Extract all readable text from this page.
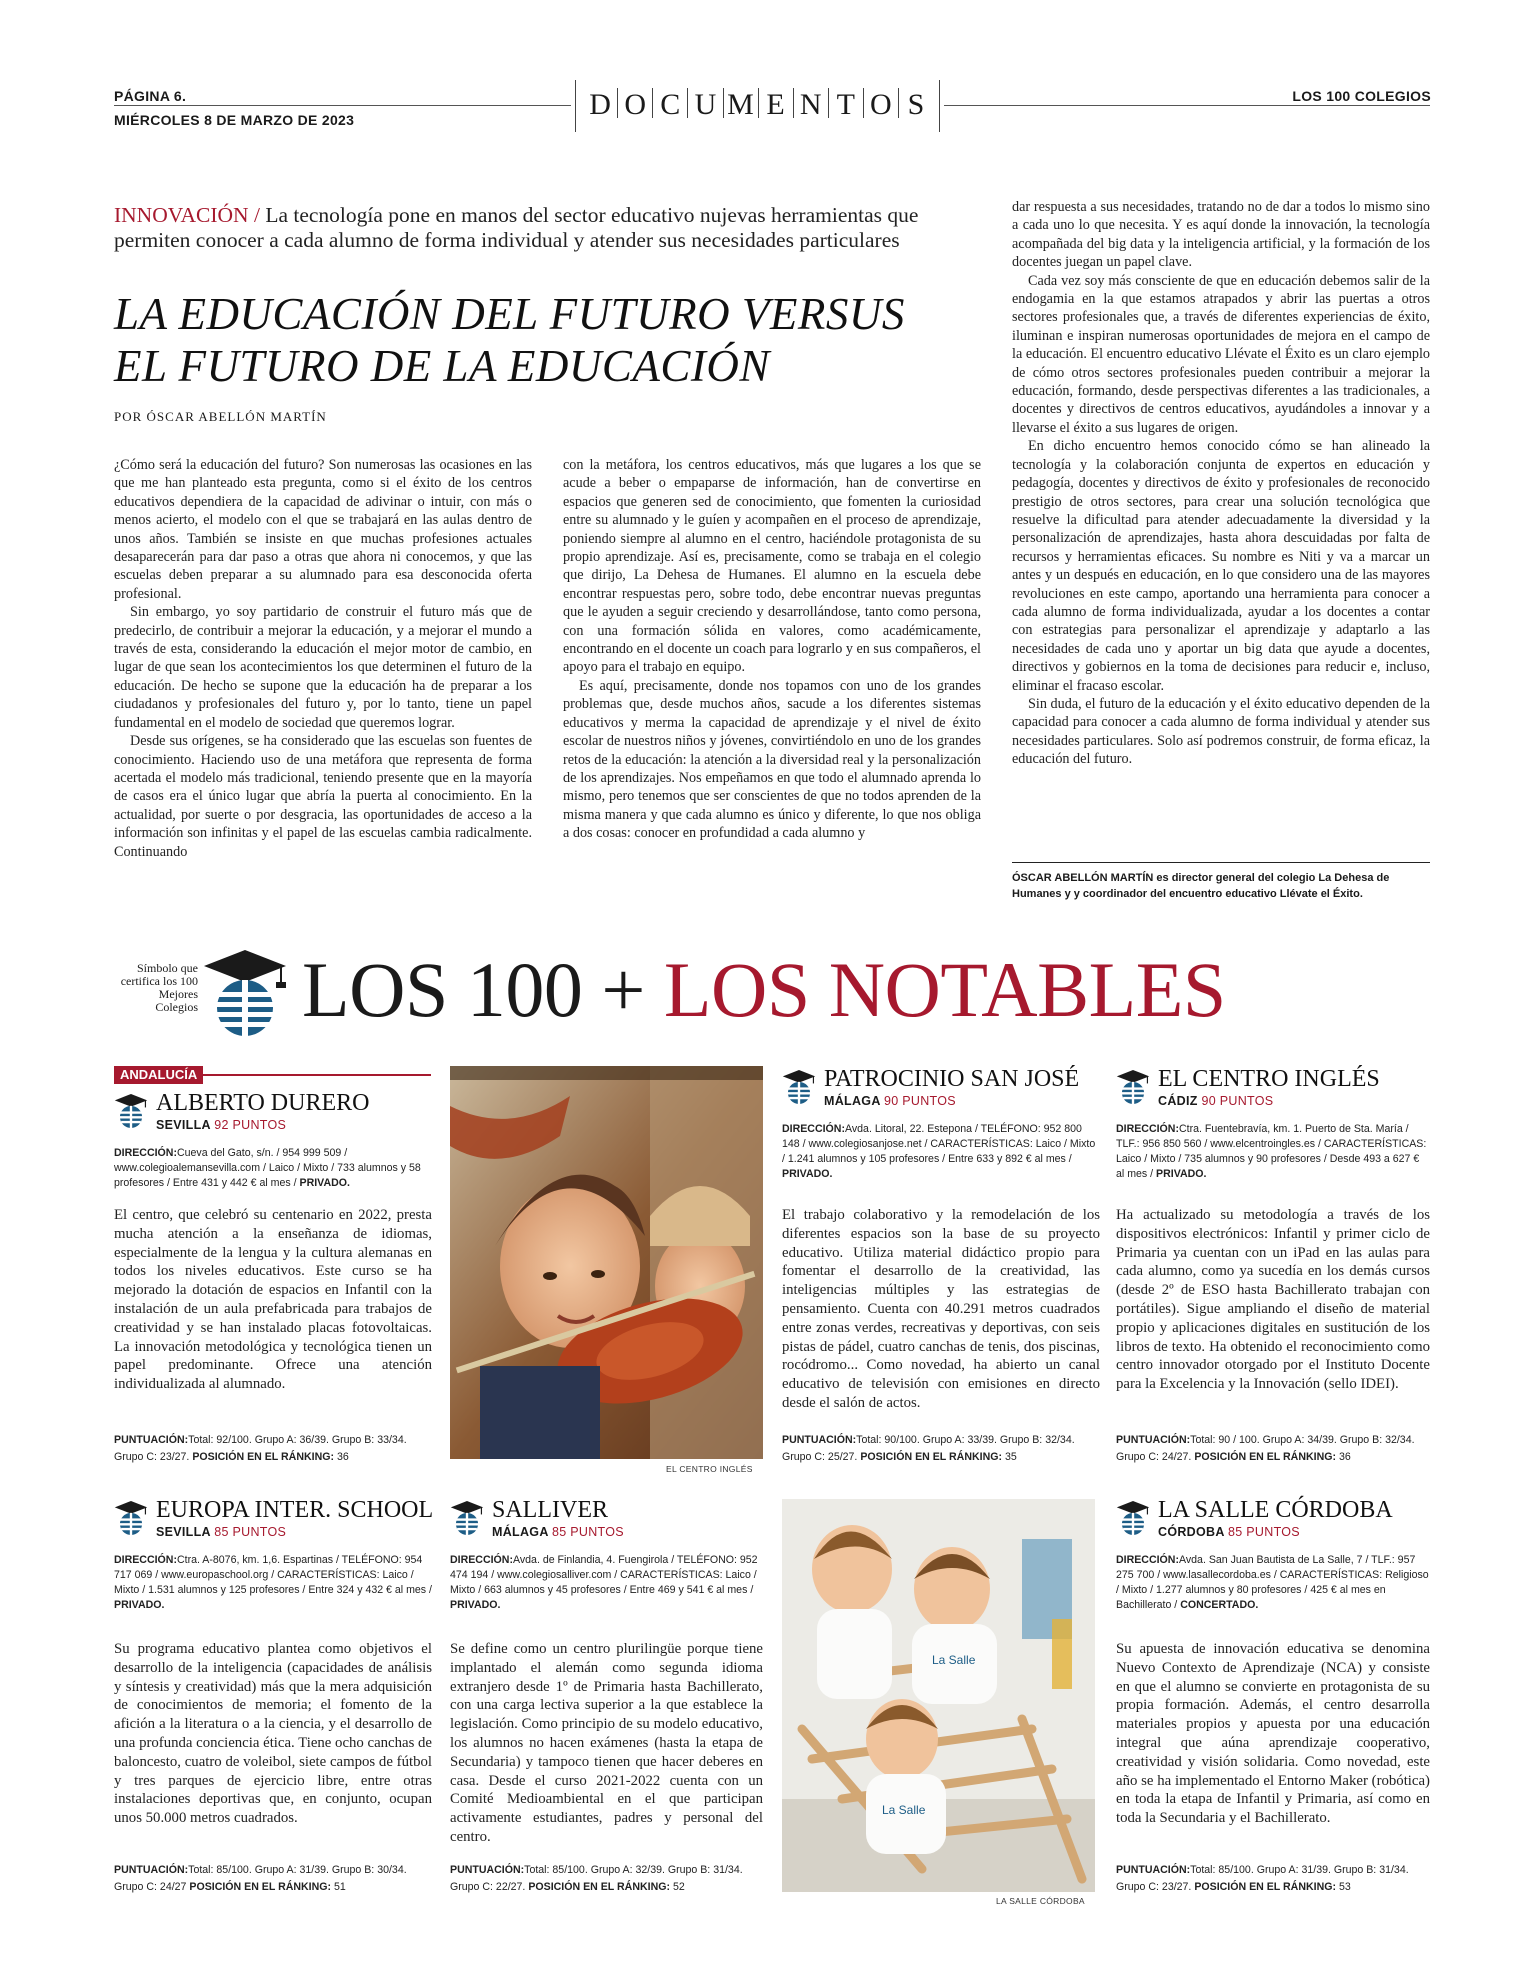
PÁGINA 6.
MIÉRCOLES 8 DE MARZO DE 2023
LOS 100 COLEGIOS
D O C U M E N T O S
INNOVACIÓN / La tecnología pone en manos del sector educativo nujevas herramientas que permiten conocer a cada alumno de forma individual y atender sus necesidades particulares
LA EDUCACIÓN DEL FUTURO VERSUS
EL FUTURO DE LA EDUCACIÓN
POR ÓSCAR ABELLÓN MARTÍN

¿Cómo será la educación del futuro? Son numerosas las ocasiones en las que me han planteado esta pregunta, como si el éxito de los centros educativos dependiera de la capacidad de adivinar o intuir, con más o menos acierto, el modelo con el que se trabajará en las aulas dentro de unos años. También se insiste en que muchas profesiones actuales desaparecerán para dar paso a otras que ahora ni conocemos, y que las escuelas deben preparar a su alumnado para esa desconocida oferta profesional.

Sin embargo, yo soy partidario de construir el futuro más que de predecirlo, de contribuir a mejorar la educación, y a mejorar el mundo a través de esta, considerando la educación el mejor motor de cambio, en lugar de que sean los acontecimientos los que determinen el futuro de la educación. De hecho se supone que la educación ha de preparar a los ciudadanos y profesionales del futuro y, por lo tanto, tiene un papel fundamental en el modelo de sociedad que queremos lograr.

Desde sus orígenes, se ha considerado que las escuelas son fuentes de conocimiento. Haciendo uso de una metáfora que representa de forma acertada el modelo más tradicional, teniendo presente que en la mayoría de casos era el único lugar que abría la puerta al conocimiento. En la actualidad, por suerte o por desgracia, las oportunidades de acceso a la información son infinitas y el papel de las escuelas cambia radicalmente. Continuando

con la metáfora, los centros educativos, más que lugares a los que se acude a beber o empaparse de información, han de convertirse en espacios que generen sed de conocimiento, que fomenten la curiosidad entre su alumnado y le guíen y acompañen en el proceso de aprendizaje, poniendo siempre al alumno en el centro, haciéndole protagonista de su propio aprendizaje. Así es, precisamente, como se trabaja en el colegio que dirijo, La Dehesa de Humanes. El alumno en la escuela debe encontrar respuestas pero, sobre todo, debe encontrar nuevas preguntas que le ayuden a seguir creciendo y desarrollándose, tanto como persona, con una formación sólida en valores, como académicamente, encontrando en el docente un coach para lograrlo y en sus compañeros, el apoyo para el trabajo en equipo.

Es aquí, precisamente, donde nos topamos con uno de los grandes problemas que, desde muchos años, sacude a los diferentes sistemas educativos y merma la capacidad de aprendizaje y el nivel de éxito escolar de nuestros niños y jóvenes, convirtiéndolo en uno de los grandes retos de la educación: la atención a la diversidad real y la personalización de los aprendizajes. Nos empeñamos en que todo el alumnado aprenda lo mismo, pero tenemos que ser conscientes de que no todos aprenden de la misma manera y que cada alumno es único y diferente, lo que nos obliga a dos cosas: conocer en profundidad a cada alumno y

dar respuesta a sus necesidades, tratando no de dar a todos lo mismo sino a cada uno lo que necesita. Y es aquí donde la innovación, la tecnología acompañada del big data y la inteligencia artificial, y la formación de los docentes juegan un papel clave.

Cada vez soy más consciente de que en educación debemos salir de la endogamia en la que estamos atrapados y abrir las puertas a otros sectores profesionales que, a través de diferentes experiencias de éxito, iluminan e inspiran numerosas oportunidades de mejora en el campo de la educación. El encuentro educativo Llévate el Éxito es un claro ejemplo de cómo otros sectores profesionales pueden contribuir a mejorar la educación, formando, desde perspectivas diferentes a las tradicionales, a docentes y directivos de centros educativos, ayudándoles a innovar y a llevarse el éxito a sus lugares de origen.

En dicho encuentro hemos conocido cómo se han alineado la tecnología y la colaboración conjunta de expertos en educación y pedagogía, docentes y directivos de éxito y profesionales de reconocido prestigio de otros sectores, para crear una solución tecnológica que resuelve la dificultad para atender adecuadamente la diversidad y la personalización de aprendizajes, hasta ahora descuidadas por falta de recursos y herramientas eficaces. Su nombre es Niti y va a marcar un antes y un después en educación, en lo que considero una de las mayores revoluciones en este campo, aportando una herramienta para conocer a cada alumno de forma individualizada, ayudar a los docentes a contar con estrategias para personalizar el aprendizaje y adaptarlo a las necesidades de cada uno y aportar un big data que ayude a docentes, directivos y gobiernos en la toma de decisiones para reducir e, incluso, eliminar el fracaso escolar.

Sin duda, el futuro de la educación y el éxito educativo dependen de la capacidad para conocer a cada alumno de forma individual y atender sus necesidades particulares. Solo así podremos construir, de forma eficaz, la educación del futuro.

ÓSCAR ABELLÓN MARTÍN es director general del colegio La Dehesa de Humanes y y coordinador del encuentro educativo Llévate el Éxito.
Símbolo que certifica los 100 Mejores Colegios LOS 100 + LOS NOTABLES
ANDALUCÍA
ALBERTO DURERO
SEVILLA 92 PUNTOS
DIRECCIÓN:Cueva del Gato, s/n. / 954 999 509 / www.colegioalemansevilla.com / Laico / Mixto / 733 alumnos y 58 profesores / Entre 431 y 442 € al mes / PRIVADO.
El centro, que celebró su centenario en 2022, presta mucha atención a la enseñanza de idiomas, especialmente de la lengua y la cultura alemanas en todos los niveles educativos. Este curso se ha mejorado la dotación de espacios en Infantil con la instalación de un aula prefabricada para trabajos de creatividad y se han instalado placas fotovoltaicas. La innovación metodológica y tecnológica tienen un papel predominante. Ofrece una atención individualizada al alumnado.
PUNTUACIÓN:Total: 92/100. Grupo A: 36/39. Grupo B: 33/34. Grupo C: 23/27. POSICIÓN EN EL RÁNKING: 36
PATROCINIO SAN JOSÉ
MÁLAGA 90 PUNTOS
DIRECCIÓN:Avda. Litoral, 22. Estepona / TELÉFONO: 952 800 148 / www.colegiosanjose.net / CARACTERÍSTICAS: Laico / Mixto / 1.241 alumnos y 105 profesores / Entre 633 y 892 € al mes / PRIVADO.
El trabajo colaborativo y la remodelación de los diferentes espacios son la base de su proyecto educativo. Utiliza material didáctico propio para fomentar el desarrollo de la creatividad, las inteligencias múltiples y las estrategias de pensamiento. Cuenta con 40.291 metros cuadrados entre zonas verdes, recreativas y deportivas, con seis pistas de pádel, cuatro canchas de tenis, dos piscinas, rocódromo... Como novedad, ha abierto un canal educativo de televisión con emisiones en directo desde el salón de actos.
PUNTUACIÓN:Total: 90/100. Grupo A: 33/39. Grupo B: 32/34. Grupo C: 25/27. POSICIÓN EN EL RÁNKING: 35
EL CENTRO INGLÉS
CÁDIZ 90 PUNTOS
DIRECCIÓN:Ctra. Fuentebravía, km. 1. Puerto de Sta. María / TLF.: 956 850 560 / www.elcentroingles.es / CARACTERÍSTICAS: Laico / Mixto / 735 alumnos y 90 profesores / Desde 493 a 627 € al mes / PRIVADO.
Ha actualizado su metodología a través de los dispositivos electrónicos: Infantil y primer ciclo de Primaria ya cuentan con un iPad en las aulas para cada alumno, como ya sucedía en los demás cursos (desde 2º de ESO hasta Bachillerato trabajan con portátiles). Sigue ampliando el diseño de material propio y aplicaciones digitales en sustitución de los libros de texto. Ha obtenido el reconocimiento como centro innovador otorgado por el Instituto Docente para la Excelencia y la Innovación (sello IDEI).
PUNTUACIÓN:Total: 90 / 100. Grupo A: 34/39. Grupo B: 32/34. Grupo C: 24/27. POSICIÓN EN EL RÁNKING: 36
EUROPA INTER. SCHOOL
SEVILLA 85 PUNTOS
DIRECCIÓN:Ctra. A-8076, km. 1,6. Espartinas / TELÉFONO: 954 717 069 / www.europaschool.org / CARACTERÍSTICAS: Laico / Mixto / 1.531 alumnos y 125 profesores / Entre 324 y 432 € al mes / PRIVADO.
Su programa educativo plantea como objetivos el desarrollo de la inteligencia (capacidades de análisis y síntesis y creatividad) más que la mera adquisición de conocimientos de memoria; el fomento de la afición a la literatura o a la ciencia, y el desarrollo de una profunda conciencia ética. Tiene ocho canchas de baloncesto, cuatro de voleibol, siete campos de fútbol y tres parques de ejercicio libre, entre otras instalaciones deportivas que, en conjunto, ocupan unos 50.000 metros cuadrados.
PUNTUACIÓN:Total: 85/100. Grupo A: 31/39. Grupo B: 30/34. Grupo C: 24/27 POSICIÓN EN EL RÁNKING: 51
SALLIVER
MÁLAGA 85 PUNTOS
DIRECCIÓN:Avda. de Finlandia, 4. Fuengirola / TELÉFONO: 952 474 194 / www.colegiosalliver.com / CARACTERÍSTICAS: Laico / Mixto / 663 alumnos y 45 profesores / Entre 469 y 541 € al mes / PRIVADO.
Se define como un centro plurilingüe porque tiene implantado el alemán como segunda idioma extranjero desde 1º de Primaria hasta Bachillerato, con una carga lectiva superior a la que establece la legislación. Como principio de su modelo educativo, los alumnos no hacen exámenes (hasta la etapa de Secundaria) y tampoco tienen que hacer deberes en casa. Desde el curso 2021-2022 cuenta con un Comité Medioambiental en el que participan activamente estudiantes, padres y personal del centro.
PUNTUACIÓN:Total: 85/100. Grupo A: 32/39. Grupo B: 31/34. Grupo C: 22/27. POSICIÓN EN EL RÁNKING: 52
LA SALLE CÓRDOBA
CÓRDOBA 85 PUNTOS
DIRECCIÓN:Avda. San Juan Bautista de La Salle, 7 / TLF.: 957 275 700 / www.lasallecordoba.es / CARACTERÍSTICAS: Religioso / Mixto / 1.277 alumnos y 80 profesores / 425 € al mes en Bachillerato / CONCERTADO.
Su apuesta de innovación educativa se denomina Nuevo Contexto de Aprendizaje (NCA) y consiste en que el alumno se convierte en protagonista de su propia formación. Además, el centro desarrolla materiales propios y apuesta por una educación integral que aúna aprendizaje cooperativo, creatividad y visión solidaria. Como novedad, este año se ha implementado el Entorno Maker (robótica) en toda la etapa de Infantil y Primaria, así como en toda la Secundaria y el Bachillerato.
PUNTUACIÓN:Total: 85/100. Grupo A: 31/39. Grupo B: 31/34. Grupo C: 23/27. POSICIÓN EN EL RÁNKING: 53
EL CENTRO INGLÉS
La Salle
La Salle
LA SALLE CÓRDOBA
